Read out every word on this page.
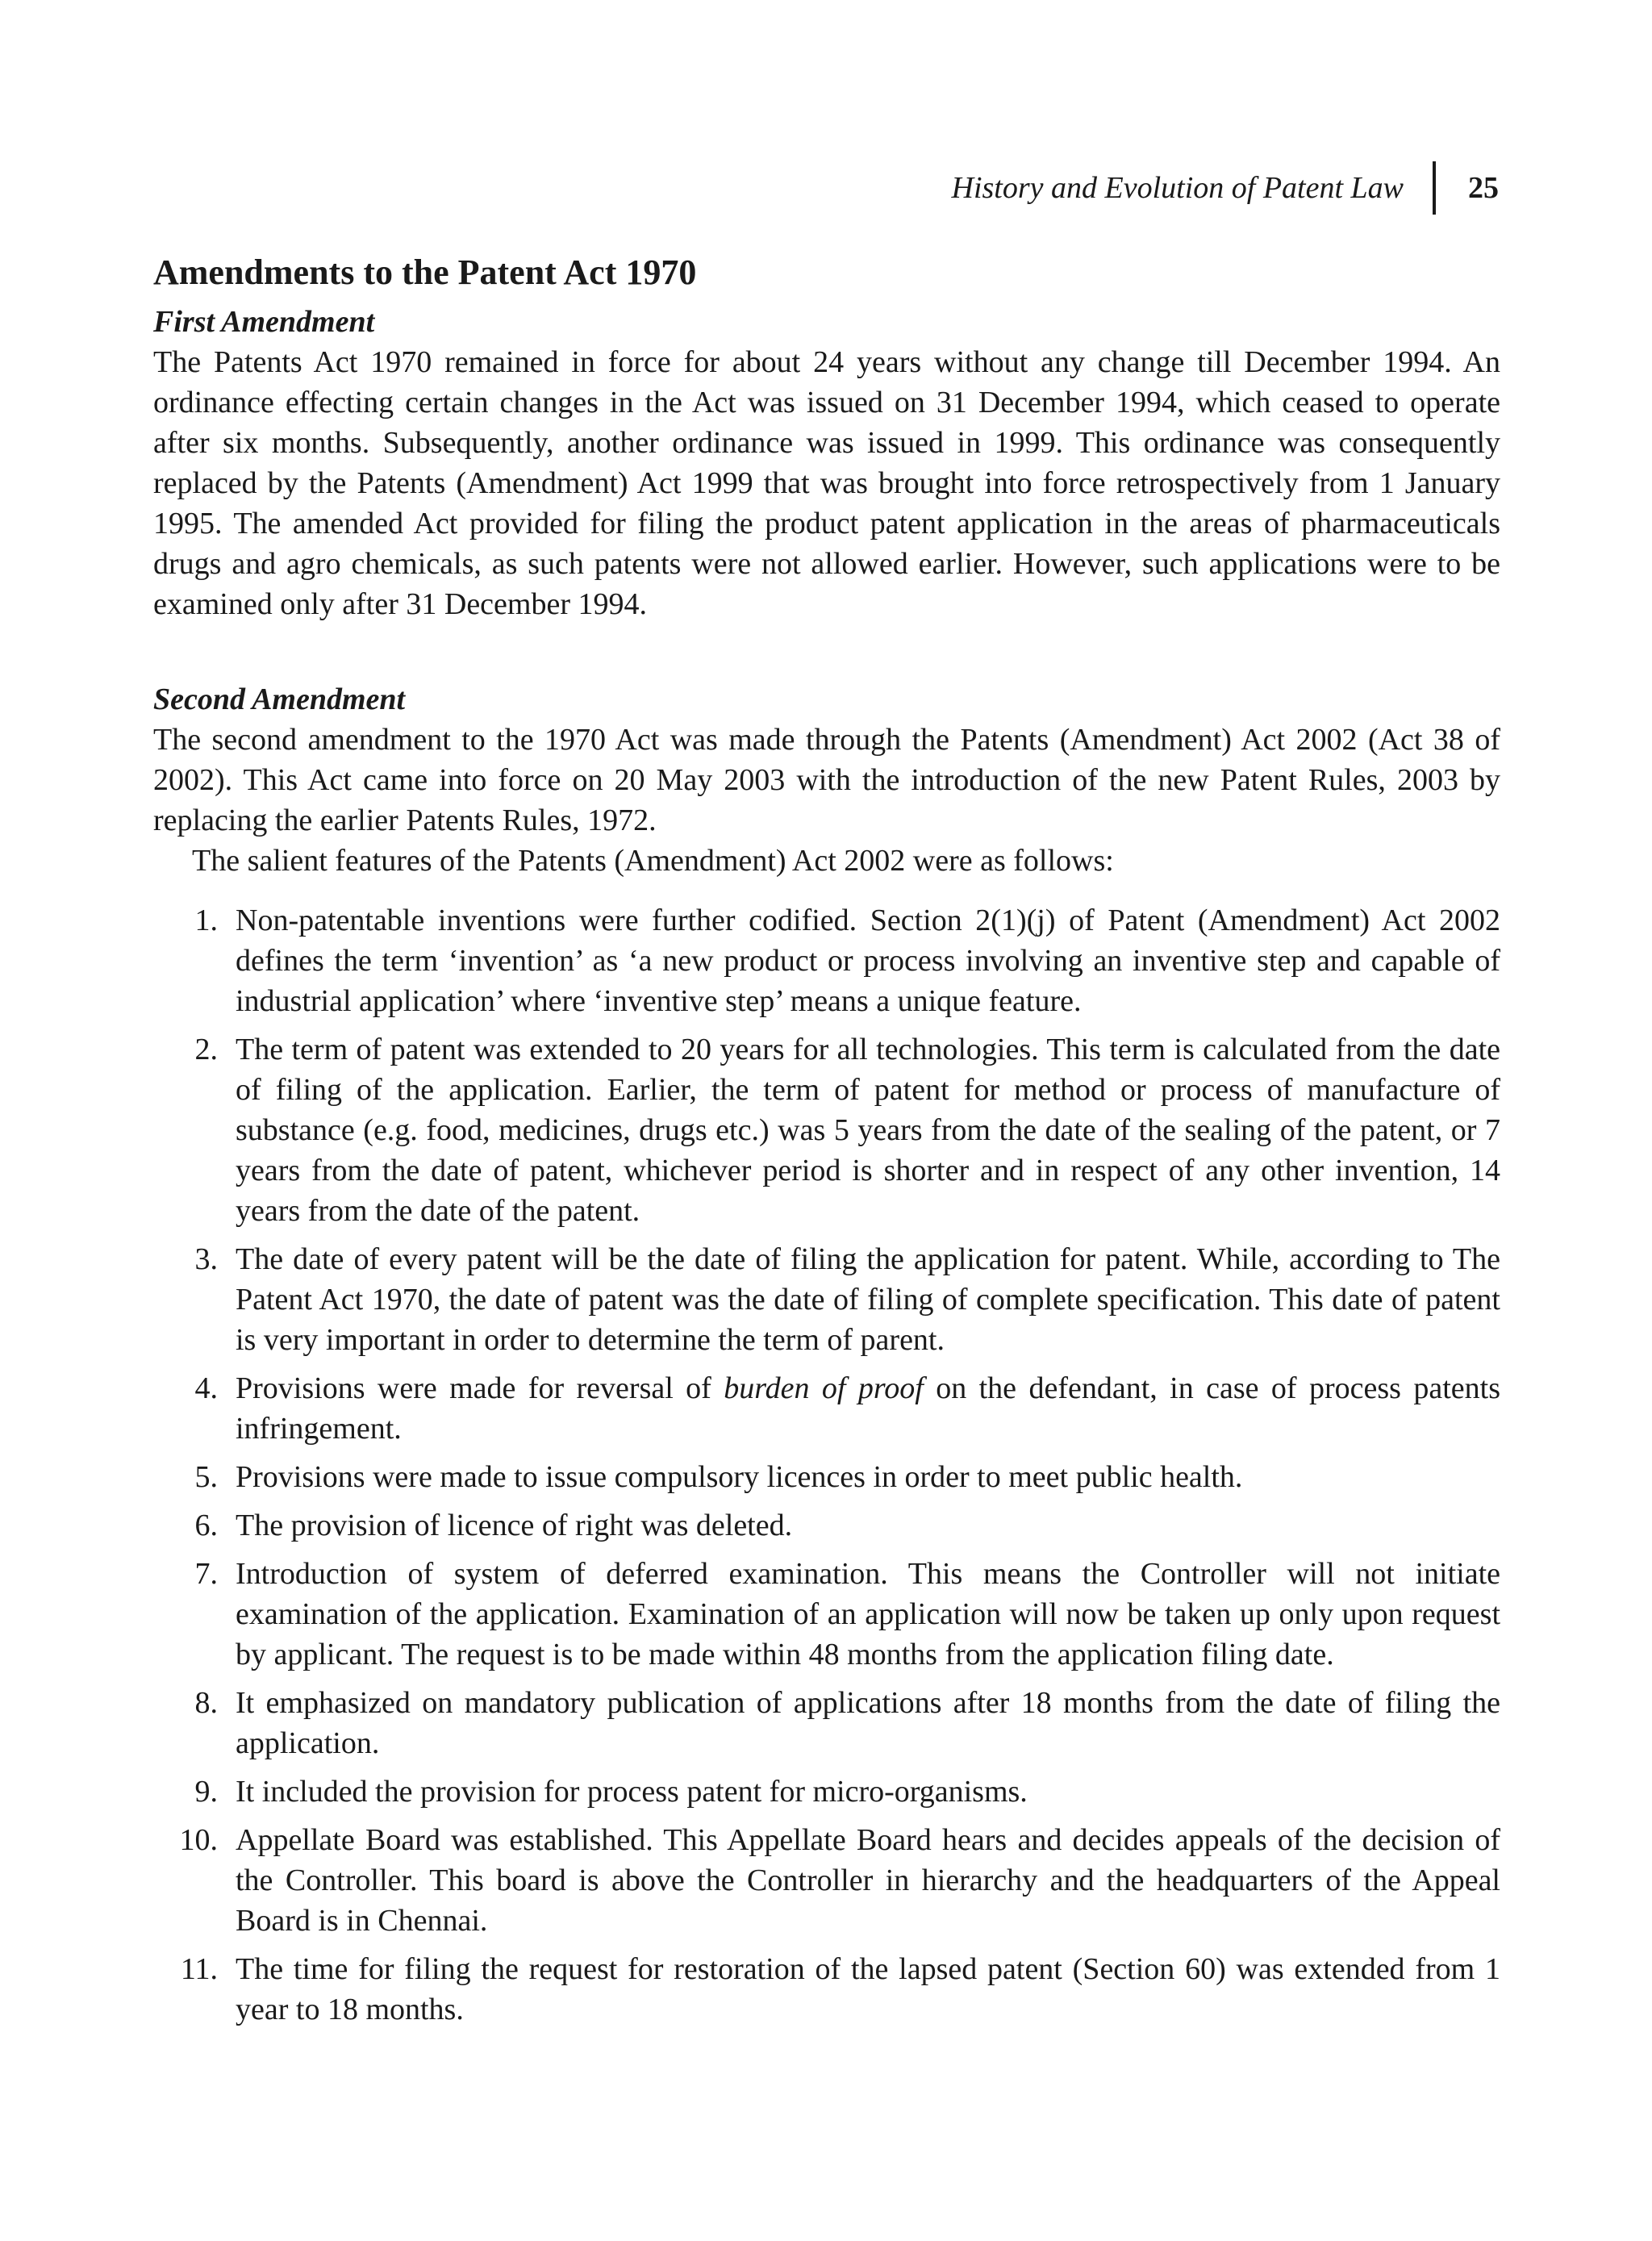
History and Evolution of Patent Law 25
Amendments to the Patent Act 1970
First Amendment

The Patents Act 1970 remained in force for about 24 years without any change till December 1994. An ordinance effecting certain changes in the Act was issued on 31 December 1994, which ceased to operate after six months. Subsequently, another ordinance was issued in 1999. This ordinance was consequently replaced by the Patents (Amendment) Act 1999 that was brought into force retrospectively from 1 January 1995. The amended Act provided for filing the product patent application in the areas of pharmaceuticals drugs and agro chemicals, as such patents were not allowed earlier. However, such applications were to be examined only after 31 December 1994.

Second Amendment

The second amendment to the 1970 Act was made through the Patents (Amendment) Act 2002 (Act 38 of 2002). This Act came into force on 20 May 2003 with the introduction of the new Patent Rules, 2003 by replacing the earlier Patents Rules, 1972.

The salient features of the Patents (Amendment) Act 2002 were as follows:

1. Non-patentable inventions were further codified. Section 2(1)(j) of Patent (Amendment) Act 2002 defines the term ‘invention’ as ‘a new product or process involving an inventive step and capable of industrial application’ where ‘inventive step’ means a unique feature.
2. The term of patent was extended to 20 years for all technologies. This term is calculated from the date of filing of the application. Earlier, the term of patent for method or process of manufacture of substance (e.g. food, medicines, drugs etc.) was 5 years from the date of the sealing of the patent, or 7 years from the date of patent, whichever period is shorter and in respect of any other invention, 14 years from the date of the patent.
3. The date of every patent will be the date of filing the application for patent. While, according to The Patent Act 1970, the date of patent was the date of filing of complete specification. This date of patent is very important in order to determine the term of parent.
4. Provisions were made for reversal of burden of proof on the defendant, in case of process patents infringement.
5. Provisions were made to issue compulsory licences in order to meet public health.
6. The provision of licence of right was deleted.
7. Introduction of system of deferred examination. This means the Controller will not initiate examination of the application. Examination of an application will now be taken up only upon request by applicant. The request is to be made within 48 months from the application filing date.
8. It emphasized on mandatory publication of applications after 18 months from the date of filing the application.
9. It included the provision for process patent for micro-organisms.
10. Appellate Board was established. This Appellate Board hears and decides appeals of the decision of the Controller. This board is above the Controller in hierarchy and the headquarters of the Appeal Board is in Chennai.
11. The time for filing the request for restoration of the lapsed patent (Section 60) was extended from 1 year to 18 months.
